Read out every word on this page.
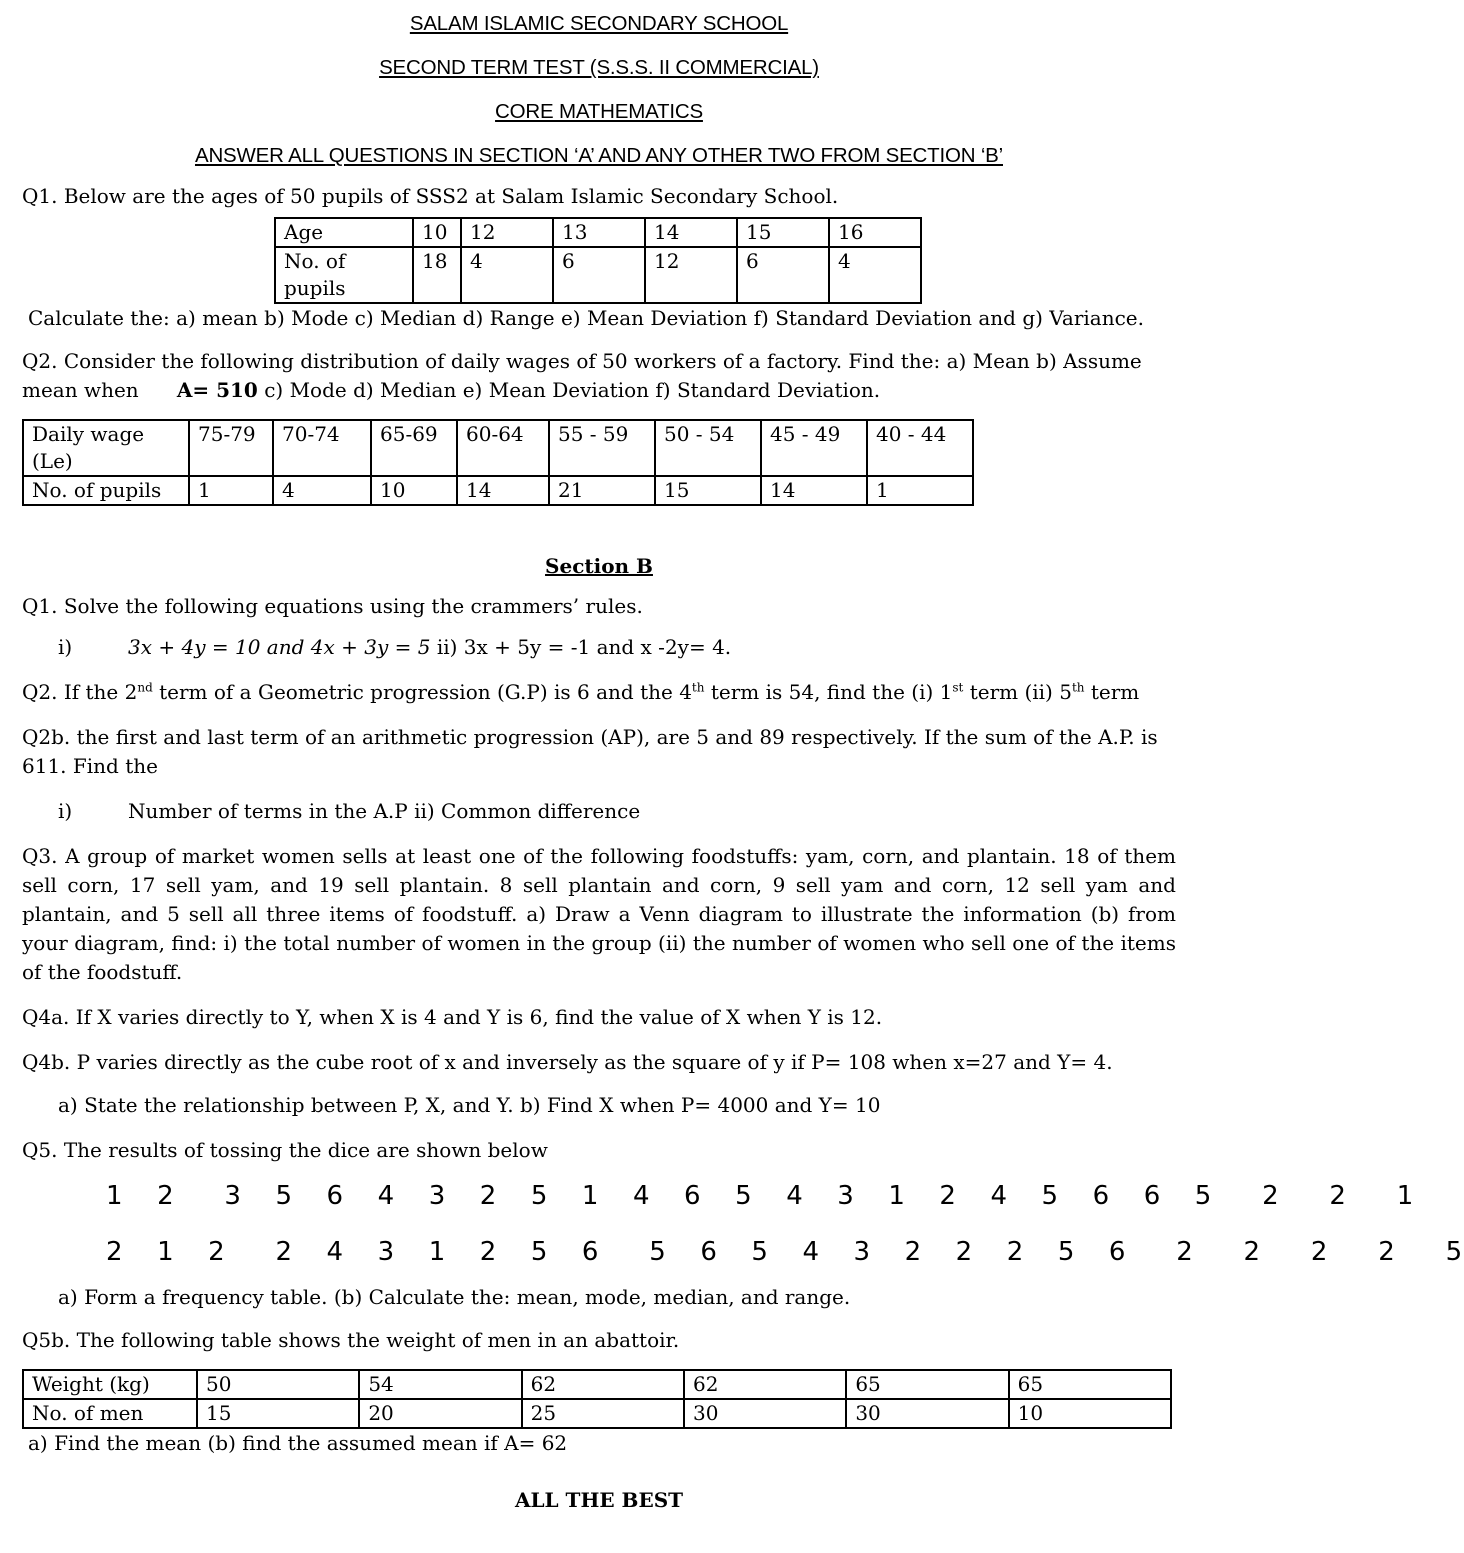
SALAM ISLAMIC SECONDARY SCHOOL
SECOND TERM TEST (S.S.S. II COMMERCIAL)
CORE MATHEMATICS
ANSWER ALL QUESTIONS IN SECTION ‘A’ AND ANY OTHER TWO FROM SECTION ‘B’

Q1. Below are the ages of 50 pupils of SSS2 at Salam Islamic Secondary School.

Age	10	12	13	14	15	16
No. of pupils	18	4	6	12	6	4

Calculate the: a) mean b) Mode c) Median d) Range e) Mean Deviation f) Standard Deviation and g) Variance.

Q2. Consider the following distribution of daily wages of 50 workers of a factory. Find the: a) Mean b) Assume mean when A= 510 c) Mode d) Median e) Mean Deviation f) Standard Deviation.

Daily wage (Le)	75-79	70-74	65-69	60-64	55 - 59	50 - 54	45 - 49	40 - 44
No. of pupils	1	4	10	14	21	15	14	1
Section B

Q1. Solve the following equations using the crammers’ rules.

i)	3x + 4y = 10 and 4x + 3y = 5 ii) 3x + 5y = -1 and x -2y= 4.

Q2. If the 2nd term of a Geometric progression (G.P) is 6 and the 4th term is 54, find the (i) 1st term (ii) 5th term

Q2b. the first and last term of an arithmetic progression (AP), are 5 and 89 respectively. If the sum of the A.P. is 611. Find the

i)	Number of terms in the A.P ii) Common difference

Q3. A group of market women sells at least one of the following foodstuffs: yam, corn, and plantain. 18 of them sell corn, 17 sell yam, and 19 sell plantain. 8 sell plantain and corn, 9 sell yam and corn, 12 sell yam and plantain, and 5 sell all three items of foodstuff. a) Draw a Venn diagram to illustrate the information (b) from your diagram, find: i) the total number of women in the group (ii) the number of women who sell one of the items of the foodstuff.

Q4a. If X varies directly to Y, when X is 4 and Y is 6, find the value of X when Y is 12.

Q4b. P varies directly as the cube root of x and inversely as the square of y if P= 108 when x=27 and Y= 4.

a) State the relationship between P, X, and Y. b) Find X when P= 4000 and Y= 10

Q5. The results of tossing the dice are shown below

1  2   3  5  6  4  3  2  5  1  4  6  5  4  3  1  2  4  5  6  6  5   2   2   1
2  1  2   2  4  3  1  2  5  6   5  6  5  4  3  2  2  2  5  6   2   2   2   2   5

a) Form a frequency table. (b) Calculate the: mean, mode, median, and range.

Q5b. The following table shows the weight of men in an abattoir.

Weight (kg)	50	54	62	62	65	65
No. of men	15	20	25	30	30	10

a) Find the mean (b) find the assumed mean if A= 62

ALL THE BEST
